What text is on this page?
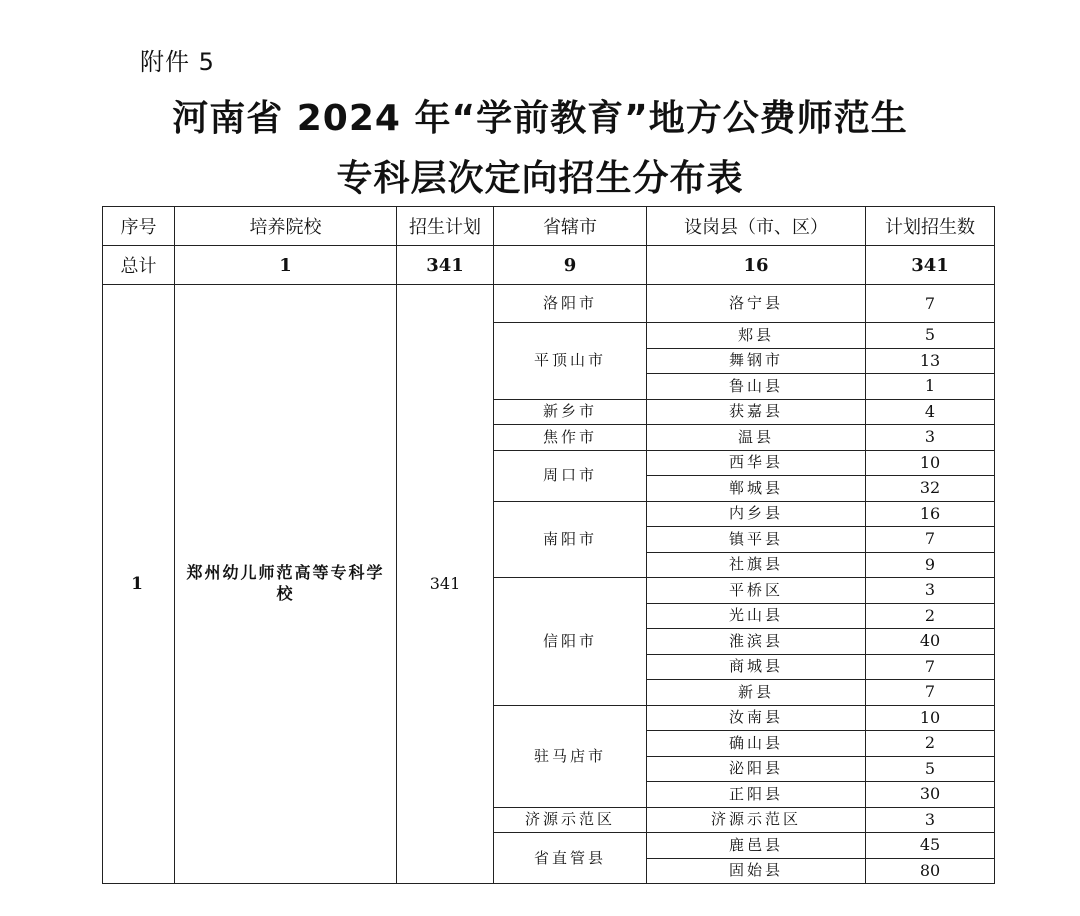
附件 5
河南省 2024 年“学前教育”地方公费师范生
专科层次定向招生分布表
序号	培养院校	招生计划	省辖市	设岗县（市、区）	计划招生数
总计	1	341	9	16	341
1	郑州幼儿师范高等专科学校	341	洛阳市	洛宁县	7
			平顶山市	郏县	5
				舞钢市	13
				鲁山县	1
			新乡市	获嘉县	4
			焦作市	温县	3
			周口市	西华县	10
				郸城县	32
			南阳市	内乡县	16
				镇平县	7
				社旗县	9
			信阳市	平桥区	3
				光山县	2
				淮滨县	40
				商城县	7
				新县	7
			驻马店市	汝南县	10
				确山县	2
				泌阳县	5
				正阳县	30
			济源示范区	济源示范区	3
			省直管县	鹿邑县	45
				固始县	80
